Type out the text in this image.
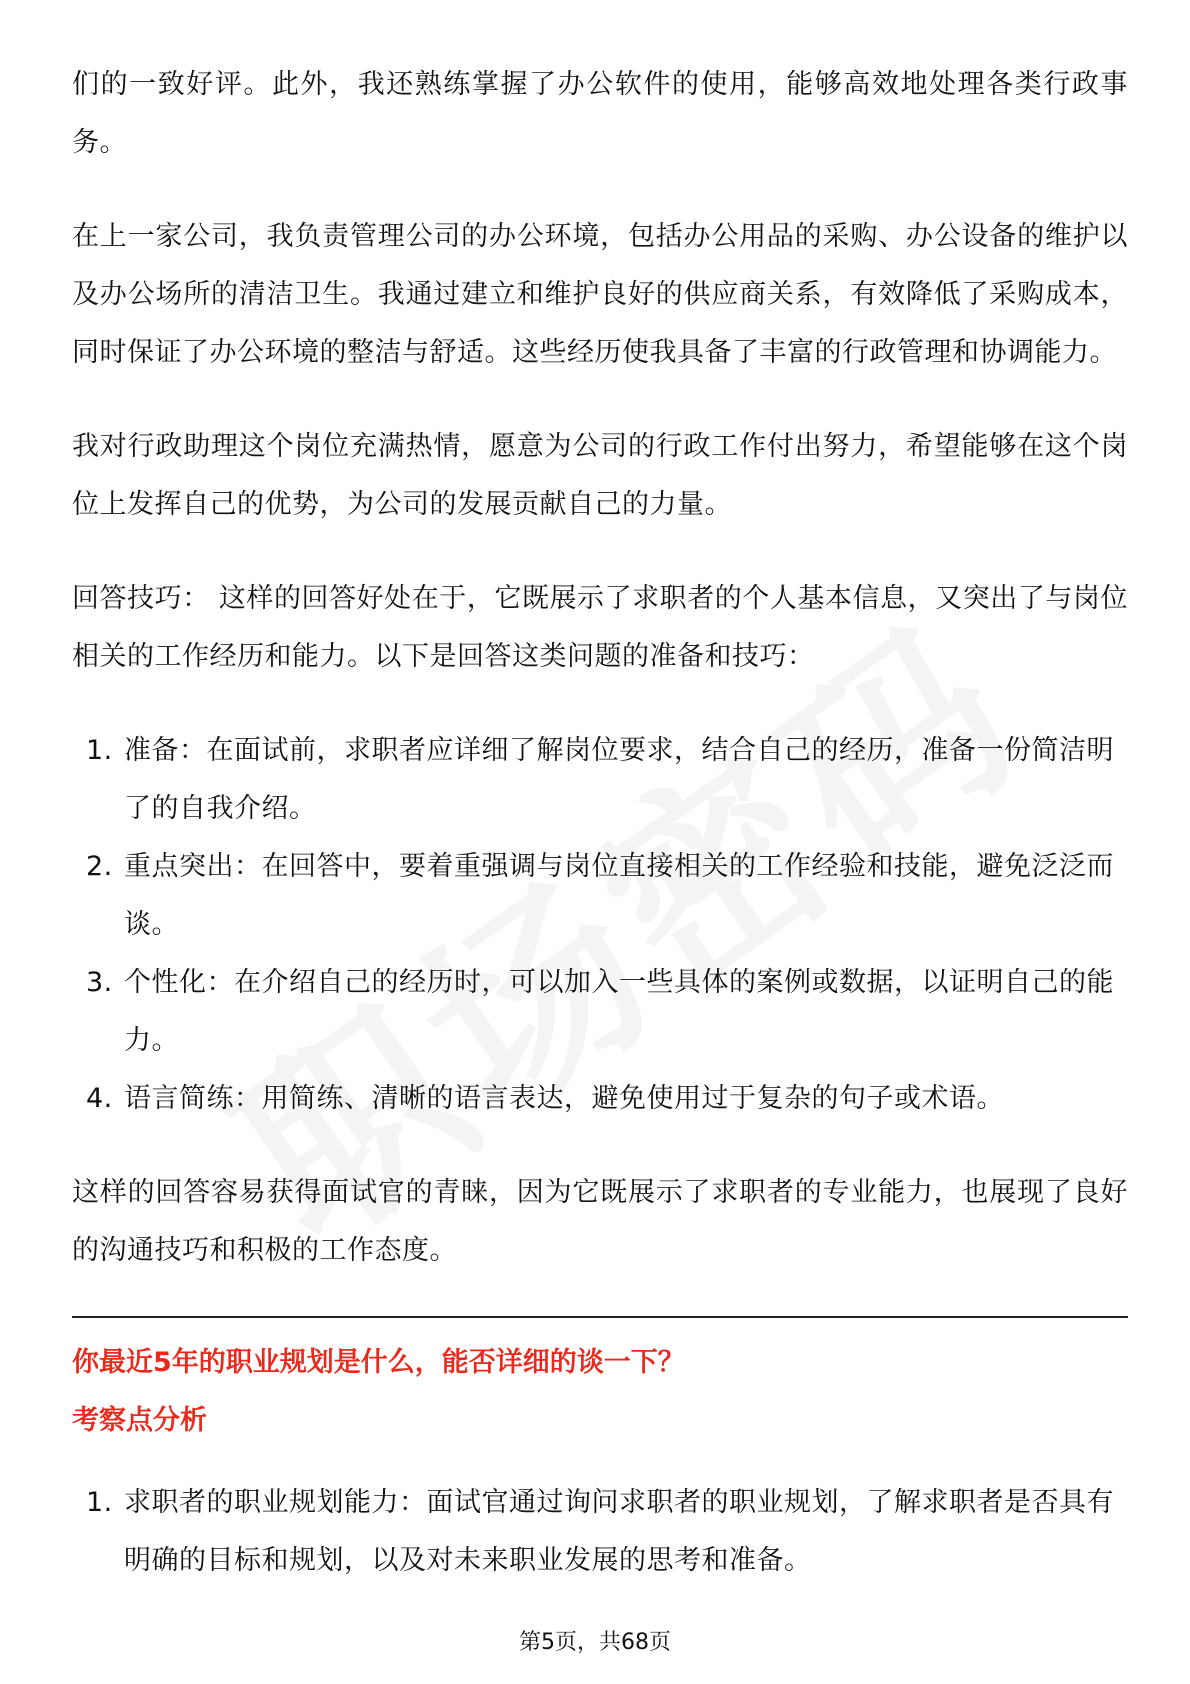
们的一致好评。此外，我还熟练掌握了办公软件的使用，能够高效地处理各类行政事务。

在上一家公司，我负责管理公司的办公环境，包括办公用品的采购、办公设备的维护以及办公场所的清洁卫生。我通过建立和维护良好的供应商关系，有效降低了采购成本，同时保证了办公环境的整洁与舒适。这些经历使我具备了丰富的行政管理和协调能力。

我对行政助理这个岗位充满热情，愿意为公司的行政工作付出努力，希望能够在这个岗位上发挥自己的优势，为公司的发展贡献自己的力量。

回答技巧： 这样的回答好处在于，它既展示了求职者的个人基本信息，又突出了与岗位相关的工作经历和能力。以下是回答这类问题的准备和技巧：

1. 准备：在面试前，求职者应详细了解岗位要求，结合自己的经历，准备一份简洁明了的自我介绍。
2. 重点突出：在回答中，要着重强调与岗位直接相关的工作经验和技能，避免泛泛而谈。
3. 个性化：在介绍自己的经历时，可以加入一些具体的案例或数据，以证明自己的能力。
4. 语言简练：用简练、清晰的语言表达，避免使用过于复杂的句子或术语。

这样的回答容易获得面试官的青睐，因为它既展示了求职者的专业能力，也展现了良好的沟通技巧和积极的工作态度。

你最近5年的职业规划是什么，能否详细的谈一下？
考察点分析
1. 求职者的职业规划能力：面试官通过询问求职者的职业规划，了解求职者是否具有明确的目标和规划，以及对未来职业发展的思考和准备。
第5页，共68页
